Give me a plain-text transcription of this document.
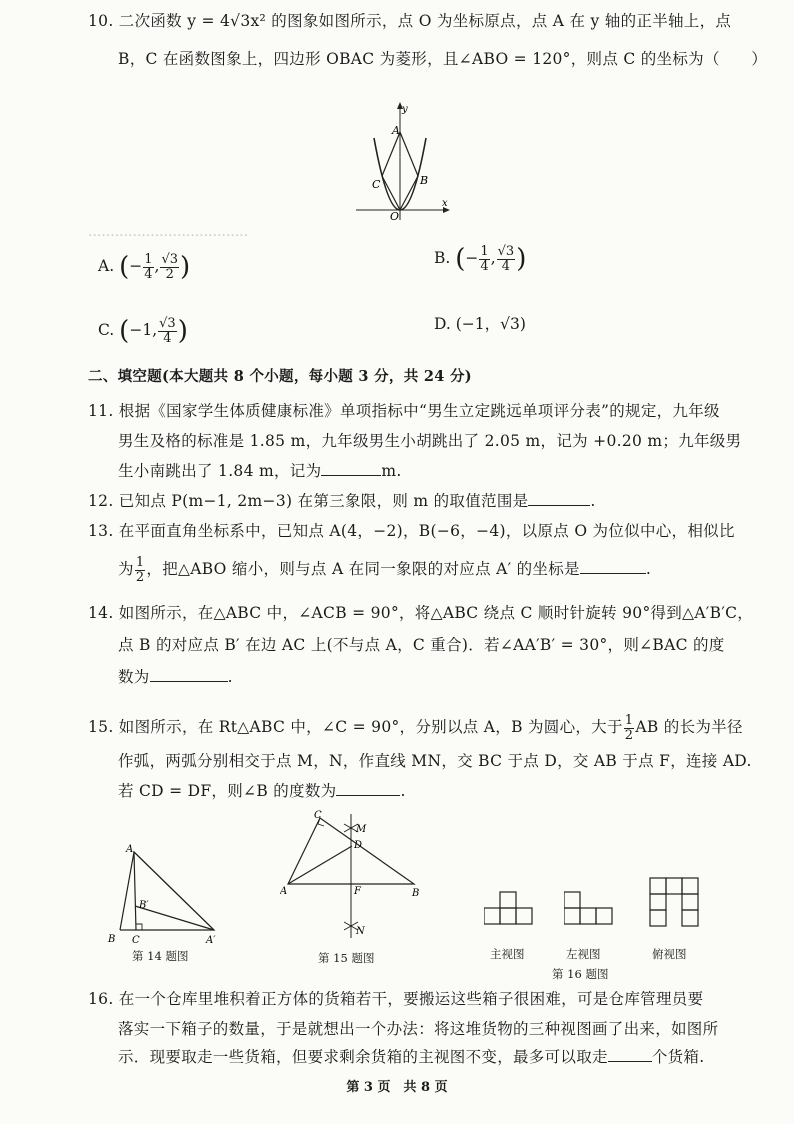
····································
10. 二次函数 y = 4√3x² 的图象如图所示，点 O 为坐标原点，点 A 在 y 轴的正半轴上，点
B，C 在函数图象上，四边形 OBAC 为菱形，且∠ABO = 120°，则点 C 的坐标为（　　）
y
x
A
B
C
O
A. (− $\frac{1}{4}$ , $\frac{√3}{2}$ )	B. (− $\frac{1}{4}$ , $\frac{√3}{4}$ )
C. (−1, $\frac{√3}{4}$ )	D. (−1，√3)
二、填空题(本大题共 8 个小题，每小题 3 分，共 24 分)
11. 根据《国家学生体质健康标准》单项指标中“男生立定跳远单项评分表”的规定，九年级
男生及格的标准是 1.85 m，九年级男生小胡跳出了 2.05 m，记为 +0.20 m；九年级男
生小南跳出了 1.84 m，记为	m.
12. 已知点 P(m−1, 2m−3) 在第三象限，则 m 的取值范围是	.
13. 在平面直角坐标系中，已知点 A(4，−2)，B(−6，−4)，以原点 O 为位似中心，相似比
为 $\frac{1}{2}$ ，把△ABO 缩小，则与点 A 在同一象限的对应点 A′ 的坐标是	.
14. 如图所示，在△ABC 中，∠ACB = 90°，将△ABC 绕点 C 顺时针旋转 90°得到△A′B′C，
点 B 的对应点 B′ 在边 AC 上(不与点 A，C 重合)．若∠AA′B′ = 30°，则∠BAC 的度
数为	.
15. 如图所示，在 Rt△ABC 中，∠C = 90°，分别以点 A，B 为圆心，大于 $\frac{1}{2}$ AB 的长为半径
作弧，两弧分别相交于点 M，N，作直线 MN，交 BC 于点 D，交 AB 于点 F，连接 AD.
若 CD = DF，则∠B 的度数为	.
A
B
B′
C	A′
第 14 题图
C
A	B
M
D
F
N
第 15 题图	主视图	左视图	俯视图
第 16 题图
16. 在一个仓库里堆积着正方体的货箱若干，要搬运这些箱子很困难，可是仓库管理员要
落实一下箱子的数量，于是就想出一个办法：将这堆货物的三种视图画了出来，如图所
示．现要取走一些货箱，但要求剩余货箱的主视图不变，最多可以取走	个货箱.
第 3 页　共 8 页
